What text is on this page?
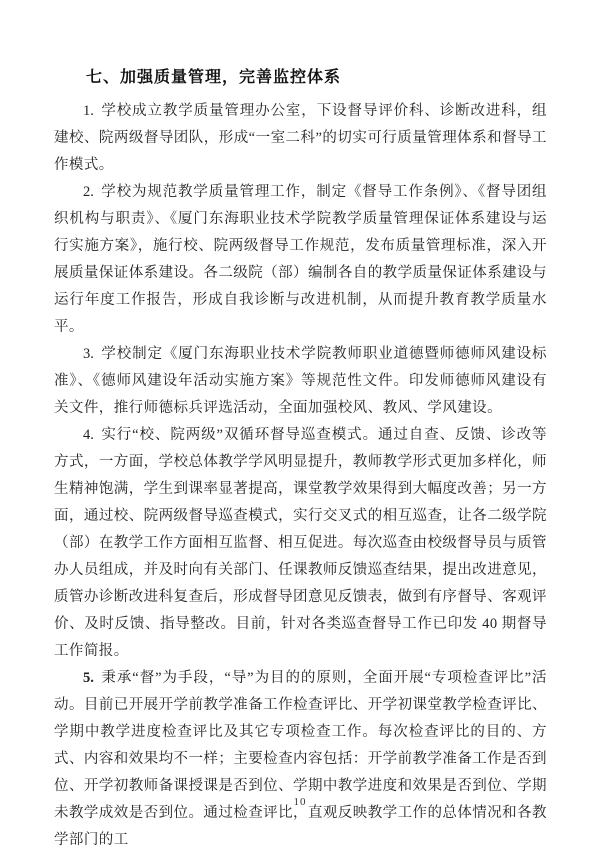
七、加强质量管理，完善监控体系

1. 学校成立教学质量管理办公室，下设督导评价科、诊断改进科，组建校、院两级督导团队，形成“一室二科”的切实可行质量管理体系和督导工作模式。

2. 学校为规范教学质量管理工作，制定《督导工作条例》、《督导团组织机构与职责》、《厦门东海职业技术学院教学质量管理保证体系建设与运行实施方案》，施行校、院两级督导工作规范，发布质量管理标准，深入开展质量保证体系建设。各二级院（部）编制各自的教学质量保证体系建设与运行年度工作报告，形成自我诊断与改进机制，从而提升教育教学质量水平。

3. 学校制定《厦门东海职业技术学院教师职业道德暨师德师风建设标准》、《德师风建设年活动实施方案》等规范性文件。印发师德师风建设有关文件，推行师德标兵评选活动，全面加强校风、教风、学风建设。

4. 实行“校、院两级”双循环督导巡查模式。通过自查、反馈、诊改等方式，一方面，学校总体教学学风明显提升，教师教学形式更加多样化，师生精神饱满，学生到课率显著提高，课堂教学效果得到大幅度改善；另一方面，通过校、院两级督导巡查模式，实行交叉式的相互巡查，让各二级学院（部）在教学工作方面相互监督、相互促进。每次巡查由校级督导员与质管办人员组成，并及时向有关部门、任课教师反馈巡查结果，提出改进意见，质管办诊断改进科复查后，形成督导团意见反馈表，做到有序督导、客观评价、及时反馈、指导整改。目前，针对各类巡查督导工作已印发 40 期督导工作简报。

5. 秉承“督”为手段，“导”为目的的原则，全面开展“专项检查评比”活动。目前已开展开学前教学准备工作检查评比、开学初课堂教学检查评比、学期中教学进度检查评比及其它专项检查工作。每次检查评比的目的、方式、内容和效果均不一样；主要检查内容包括：开学前教学准备工作是否到位、开学初教师备课授课是否到位、学期中教学进度和效果是否到位、学期未教学成效是否到位。通过检查评比，直观反映教学工作的总体情况和各教学部门的工

10
